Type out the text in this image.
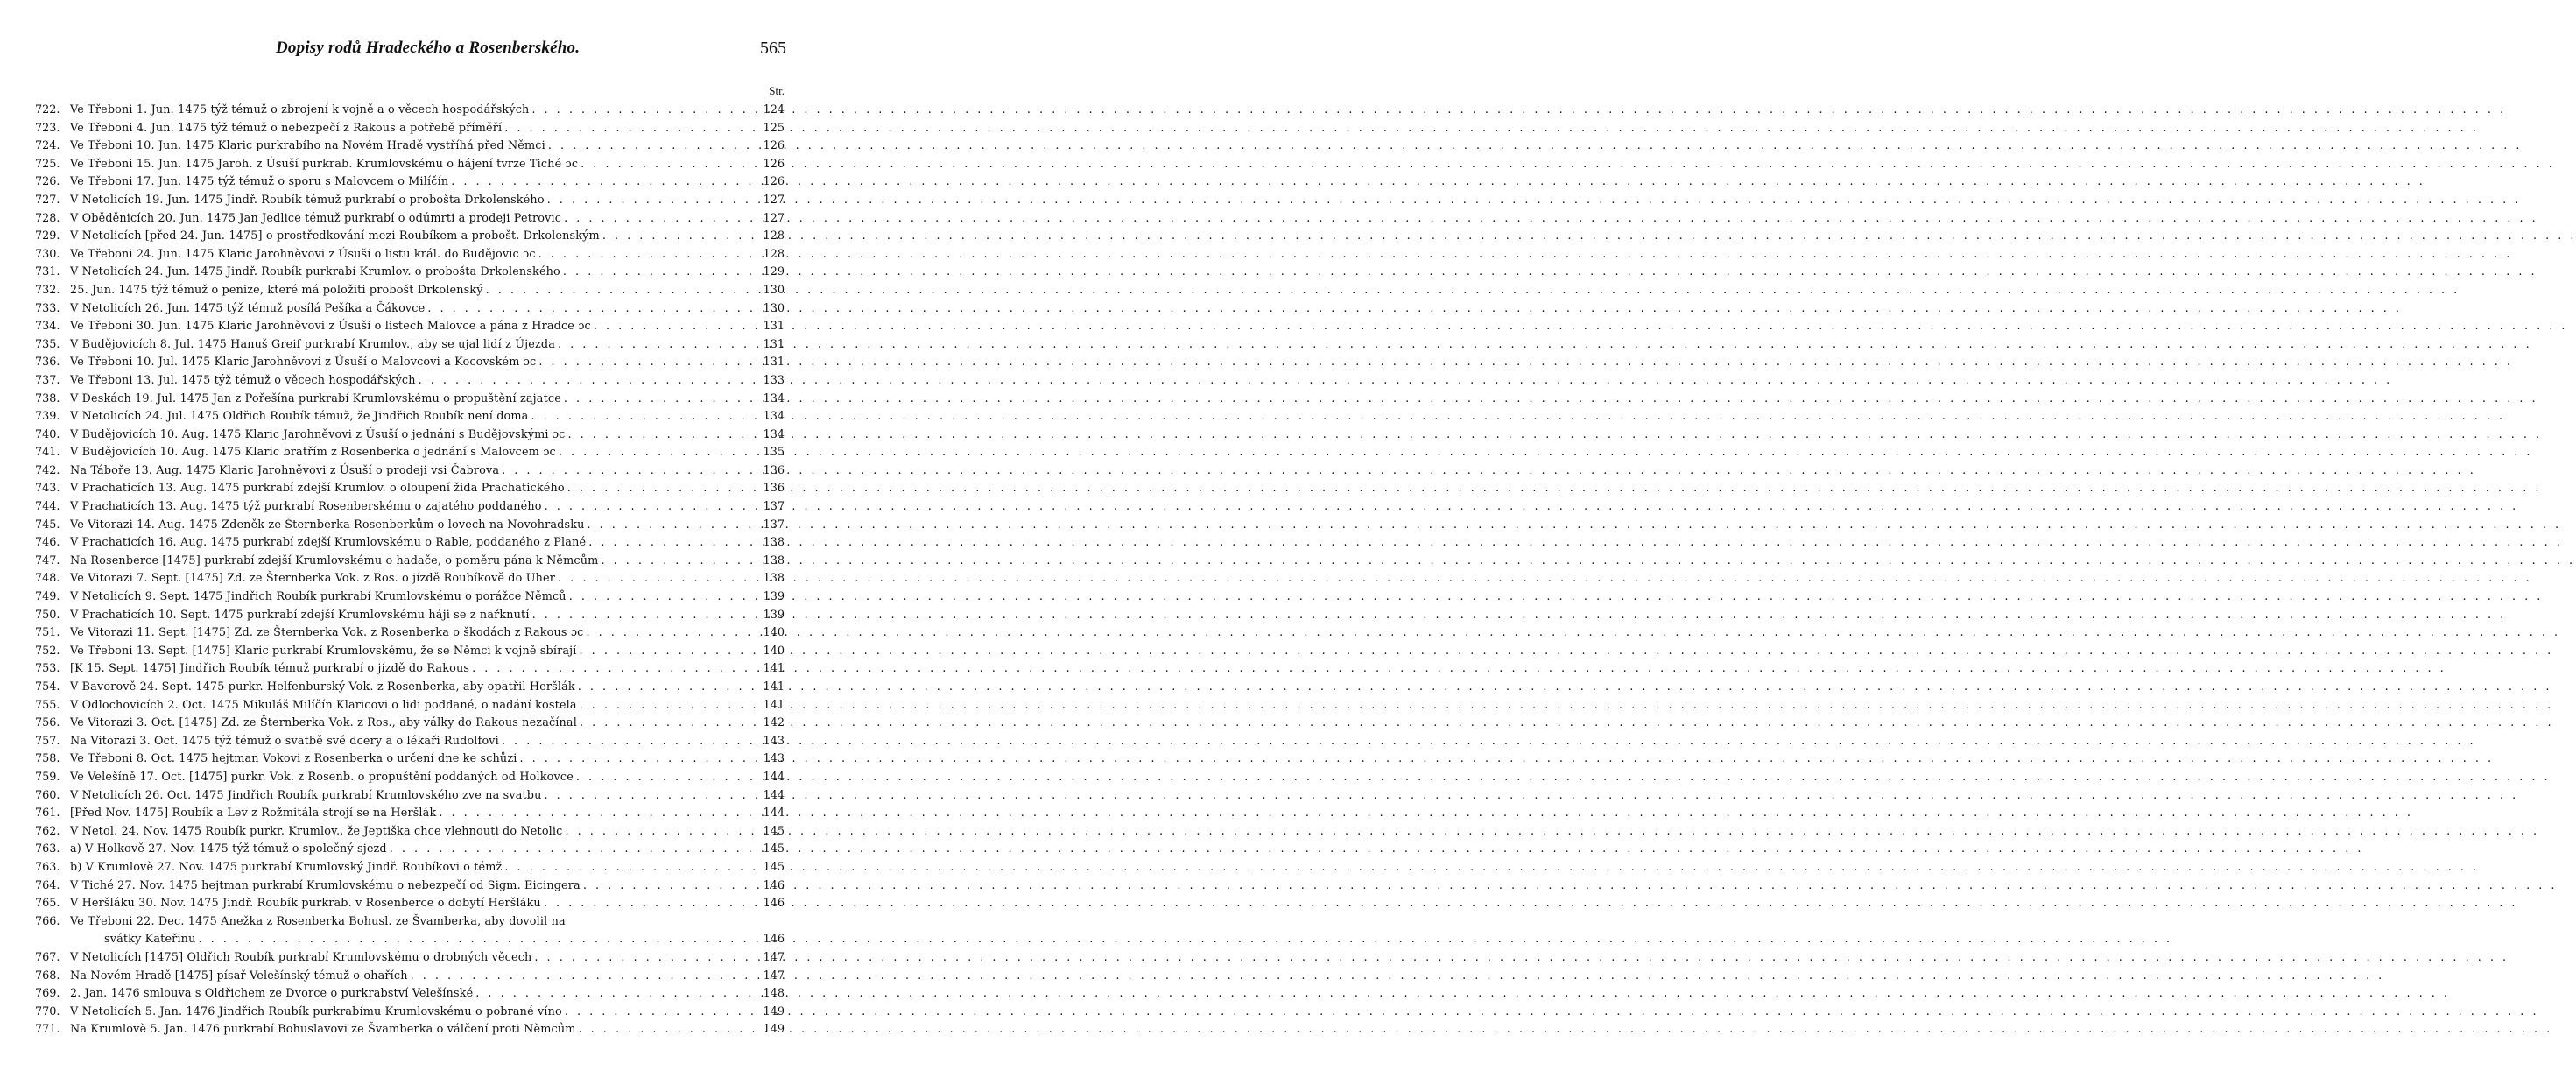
Dopisy rodů Hradeckého a Rosenberského.	565
Str.
722. Ve Třeboni 1. Jun. 1475 týž témuž o zbrojení k vojně a o věcech hospodářských . . .	124
723. Ve Třeboni 4. Jun. 1475 týž témuž o nebezpečí z Rakous a potřebě příměří . . .	125
724. Ve Třeboni 10. Jun. 1475 Klaric purkrabího na Novém Hradě vystříhá před Němci . . .	126
725. Ve Třeboni 15. Jun. 1475 Jaroh. z Úsuší purkrab. Krumlovskému o hájení tvrze Tiché ɔc . . .	126
726. Ve Třeboni 17. Jun. 1475 týž témuž o sporu s Malovcem o Milíčín . . .	126
727. V Netolicích 19. Jun. 1475 Jindř. Roubík témuž purkrabí o proboštа Drkolenského . . .	127
728. V Oběděnicích 20. Jun. 1475 Jan Jedlice témuž purkrabí o odúmrti a prodeji Petrovic . . .	127
729. V Netolicích [před 24. Jun. 1475] o prostředkování mezi Roubíkem a probošt. Drkolenským . . .	128
730. Ve Třeboni 24. Jun. 1475 Klaric Jarohněvovi z Úsuší o listu král. do Budějovic ɔc . . .	128
731. V Netolicích 24. Jun. 1475 Jindř. Roubík purkrabí Krumlov. o probošta Drkolenského . . .	129
732. 25. Jun. 1475 týž témuž o penize, které má položiti probošt Drkolenský . . .	130
733. V Netolicích 26. Jun. 1475 týž témuž posílá Pešíka a Čákovce . . .	130
734. Ve Třeboni 30. Jun. 1475 Klaric Jarohněvovi z Úsuší o listech Malovce a pána z Hradce ɔc . . .	131
735. V Budějovicích 8. Jul. 1475 Hanuš Greif purkrabí Krumlov., aby se ujal lidí z Újezda . . .	131
736. Ve Třeboni 10. Jul. 1475 Klaric Jarohněvovi z Úsuší o Malovcovi a Kocovském ɔc . . .	131
737. Ve Třeboni 13. Jul. 1475 týž témuž o věcech hospodářských . . .	133
738. V Deskách 19. Jul. 1475 Jan z Pořešína purkrabí Krumlovskému o propuštění zajatce . . .	134
739. V Netolicích 24. Jul. 1475 Oldřich Roubík témuž, že Jindřich Roubík není doma . . .	134
740. V Budějovicích 10. Aug. 1475 Klaric Jarohněvovi z Úsuší o jednání s Budějovskými ɔc . . .	134
741. V Budějovicích 10. Aug. 1475 Klaric bratřím z Rosenberka o jednání s Malovcem ɔc . . .	135
742. Na Táboře 13. Aug. 1475 Klaric Jarohněvovi z Úsuší o prodeji vsi Čabrova . . .	136
743. V Prachaticích 13. Aug. 1475 purkrabí zdejší Krumlov. o oloupení žida Prachatického . . .	136
744. V Prachaticích 13. Aug. 1475 týž purkrabí Rosenberskému o zajatého poddaného . . .	137
745. Ve Vitorazi 14. Aug. 1475 Zdeněk ze Šternberka Rosenberkům o lovech na Novohradsku . . .	137
746. V Prachaticích 16. Aug. 1475 purkrabí zdejší Krumlovskému o Rable, poddaného z Plané . . .	138
747. Na Rosenberce [1475] purkrabí zdejší Krumlovskému o hadače, o poměru pána k Němcům . . .	138
748. Ve Vitorazi 7. Sept. [1475] Zd. ze Šternberka Vok. z Ros. o jízdě Roubíkově do Uher . . .	138
749. V Netolicích 9. Sept. 1475 Jindřich Roubík purkrabí Krumlovskému o porážce Němců . . .	139
750. V Prachaticích 10. Sept. 1475 purkrabí zdejší Krumlovskému háji se z nařknutí . . .	139
751. Ve Vitorazi 11. Sept. [1475] Zd. ze Šternberka Vok. z Rosenberka o škodách z Rakous ɔc . . .	140
752. Ve Třeboni 13. Sept. [1475] Klaric purkrabí Krumlovskému, že se Němci k vojně sbírají . . .	140
753. [K 15. Sept. 1475] Jindřich Roubík témuž purkrabí o jízdě do Rakous . . .	141
754. V Bavorově 24. Sept. 1475 purkr. Helfenburský Vok. z Rosenberka, aby opatřil Heršlák . . .	141
755. V Odlochovicích 2. Oct. 1475 Mikuláš Milíčín Klaricovi o lidi poddané, o nadání kostela . . .	141
756. Ve Vitorazi 3. Oct. [1475] Zd. ze Šternberka Vok. z Ros., aby války do Rakous nezačínal . . .	142
757. Na Vitorazi 3. Oct. 1475 týž témuž o svatbě své dcery a o lékaři Rudolfovi . . .	143
758. Ve Třeboni 8. Oct. 1475 hejtman Vokovi z Rosenberka o určení dne ke schůzi . . .	143
759. Ve Velešíně 17. Oct. [1475] purkr. Vok. z Rosenb. o propuštění poddaných od Holkovce . . .	144
760. V Netolicích 26. Oct. 1475 Jindřich Roubík purkrabí Krumlovského zve na svatbu . . .	144
761. [Před Nov. 1475] Roubík a Lev z Rožmitála strojí se na Heršlák . . .	144
762. V Netol. 24. Nov. 1475 Roubík purkr. Krumlov., že Jeptiška chce vlehnouti do Netolic . . .	145
763. a) V Holkově 27. Nov. 1475 týž témuž o společný sjezd . . .	145
763. b) V Krumlově 27. Nov. 1475 purkrabí Krumlovský Jindř. Roubíkovi o témž . . .	145
764. V Tiché 27. Nov. 1475 hejtman purkrabí Krumlovskému o nebezpečí od Sigm. Eicingera . . .	146
765. V Heršláku 30. Nov. 1475 Jindř. Roubík purkrab. v Rosenberce o dobytí Heršláku . . .	146
766. Ve Třeboni 22. Dec. 1475 Anežka z Rosenberka Bohusl. ze Švamberka, aby dovolil na
svátky Kateřinu . . .	146
767. V Netolicích [1475] Oldřich Roubík purkrabí Krumlovskému o drobných věcech . . .	147
768. Na Novém Hradě [1475] písař Velešínský témuž o ohařích . . .	147
769. 2. Jan. 1476 smlouva s Oldřichem ze Dvorce o purkrabství Velešínské . . .	148
770. V Netolicích 5. Jan. 1476 Jindřich Roubík purkrabímu Krumlovskému o pobrané víno . . .	149
771. Na Krumlově 5. Jan. 1476 purkrabí Bohuslavovi ze Švamberka o válčení proti Němcům . . .	149
